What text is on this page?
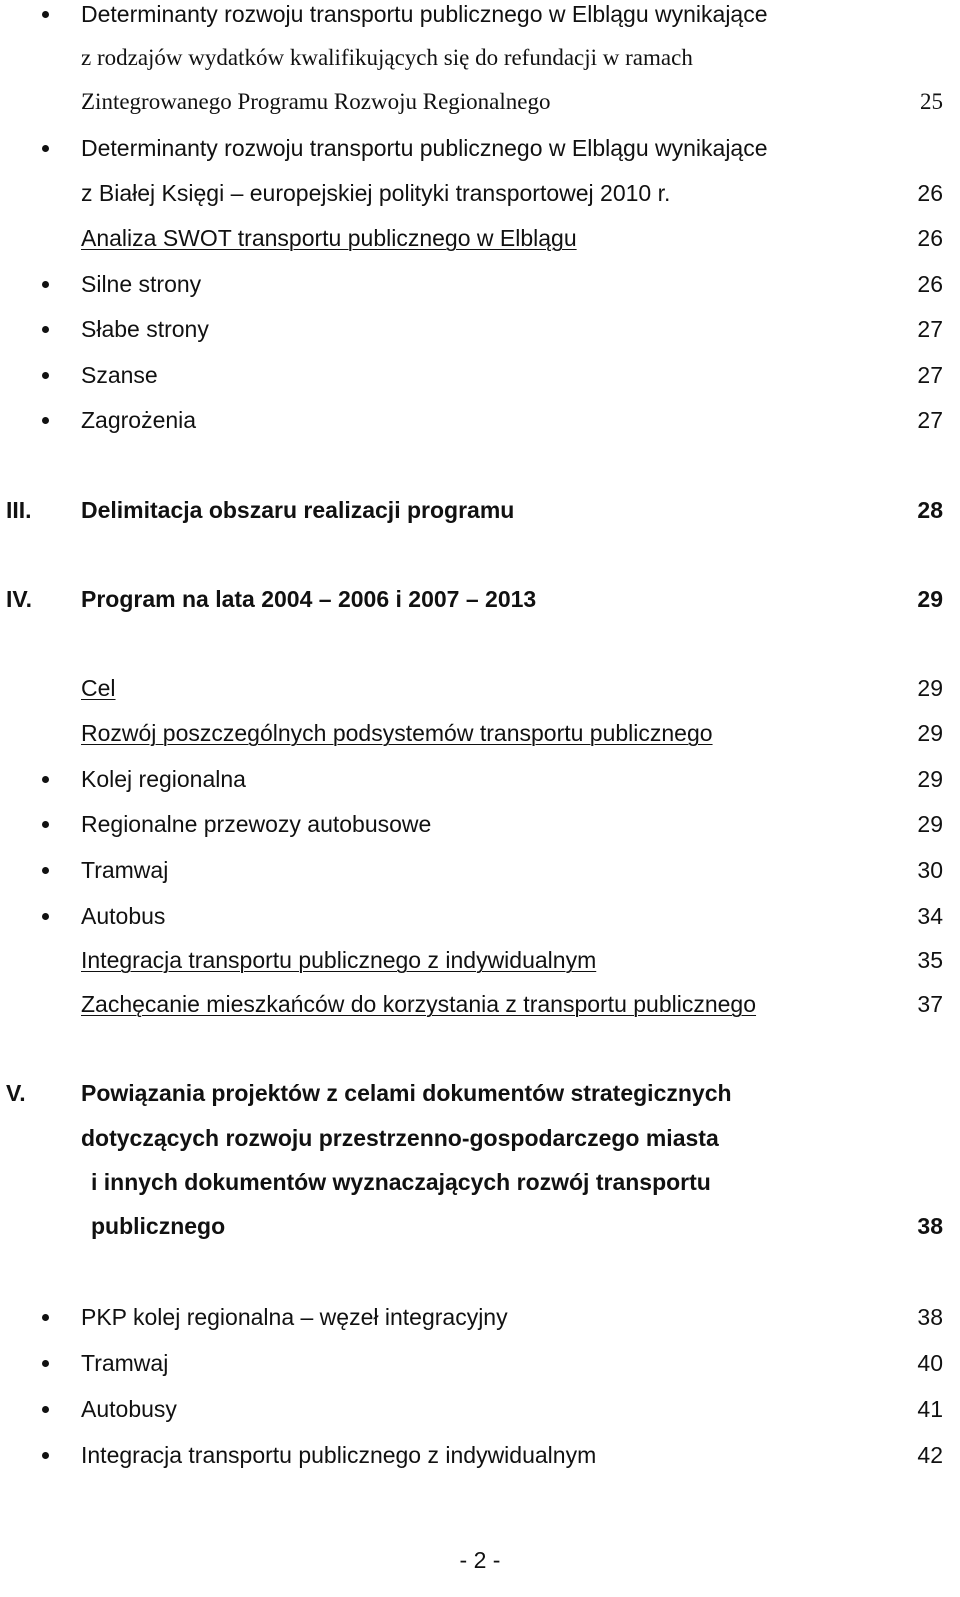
Determinanty rozwoju transportu publicznego w Elblągu wynikające
z rodzajów wydatków kwalifikujących się do refundacji w ramach
Zintegrowanego Programu Rozwoju Regionalnego	25
Determinanty rozwoju transportu publicznego w Elblągu wynikające
z Białej Księgi – europejskiej polityki transportowej 2010 r.	26
Analiza SWOT transportu publicznego w Elblągu	26
Silne strony	26
Słabe strony	27
Szanse	27
Zagrożenia	27
III. Delimitacja obszaru realizacji programu	28
IV. Program na lata 2004 – 2006 i 2007 – 2013	29
Cel	29
Rozwój poszczególnych podsystemów transportu publicznego	29
Kolej regionalna	29
Regionalne przewozy autobusowe	29
Tramwaj	30
Autobus	34
Integracja transportu publicznego z indywidualnym	35
Zachęcanie mieszkańców do korzystania z transportu publicznego	37
V. Powiązania projektów z celami dokumentów strategicznych
dotyczących rozwoju przestrzenno-gospodarczego miasta
i innych dokumentów wyznaczających rozwój transportu
publicznego	38
PKP kolej regionalna – węzeł integracyjny	38
Tramwaj	40
Autobusy	41
Integracja transportu publicznego z indywidualnym	42
- 2 -
